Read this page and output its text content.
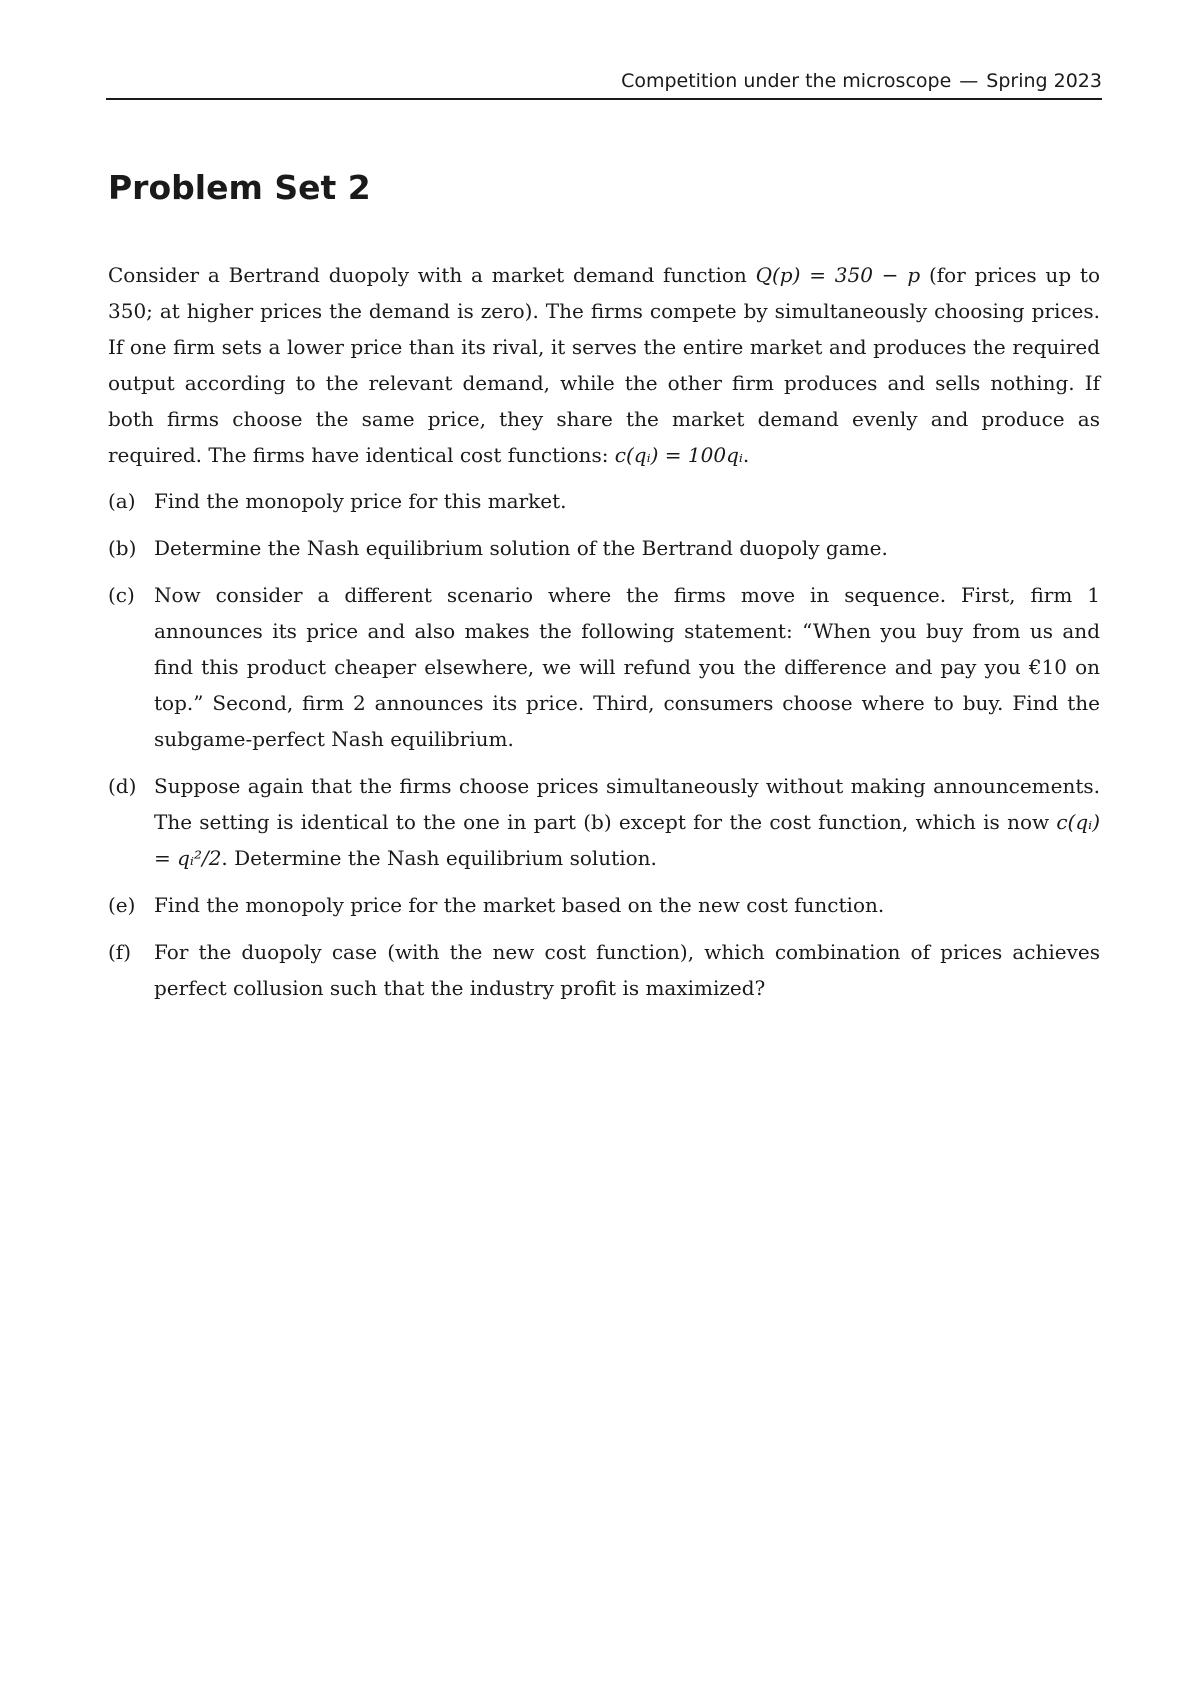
Competition under the microscope — Spring 2023
Problem Set 2

Consider a Bertrand duopoly with a market demand function Q(p) = 350 − p (for prices up to 350; at higher prices the demand is zero). The firms compete by simultaneously choosing prices. If one firm sets a lower price than its rival, it serves the entire market and produces the required output according to the relevant demand, while the other firm produces and sells nothing. If both firms choose the same price, they share the market demand evenly and produce as required. The firms have identical cost functions: c(qᵢ) = 100qᵢ.

(a) Find the monopoly price for this market.
(b) Determine the Nash equilibrium solution of the Bertrand duopoly game.
(c) Now consider a different scenario where the firms move in sequence. First, firm 1 announces its price and also makes the following statement: “When you buy from us and find this product cheaper elsewhere, we will refund you the difference and pay you €10 on top.” Second, firm 2 announces its price. Third, consumers choose where to buy. Find the subgame-perfect Nash equilibrium.
(d) Suppose again that the firms choose prices simultaneously without making announcements. The setting is identical to the one in part (b) except for the cost function, which is now c(qᵢ) = qᵢ²/2. Determine the Nash equilibrium solution.
(e) Find the monopoly price for the market based on the new cost function.
(f)	For the duopoly case (with the new cost function), which combination of prices achieves perfect collusion such that the industry profit is maximized?
